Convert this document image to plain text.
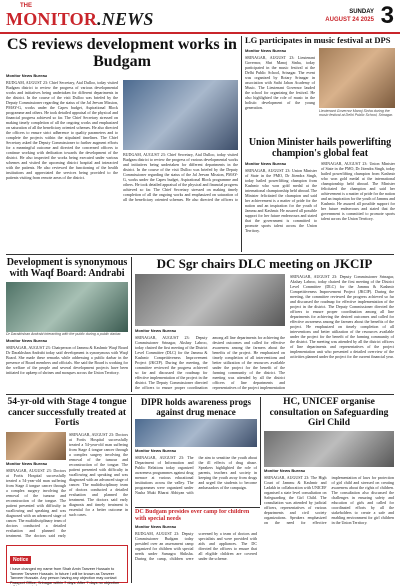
THE
MONITOR.NEWS	SUNDAY
AUGUST 24 2025 3
CS reviews development works in Budgam
Monitor News Bureau
BUDGAM, AUGUST 23: Chief Secretary, Atal Dulloo, today visited Budgam district to review the progress of various developmental works and initiatives being undertaken for different departments in the district. In the course of the visit Dulloo was briefed by the Deputy Commissioner regarding the status of the Jal Jeevan Mission, PMAY-G, works under the Capex budget, Aspirational Block programme and others. He took detailed appraisal of the physical and financial progress achieved so far. The Chief Secretary stressed on making timely completion of all the ongoing works and emphasized on saturation of all the beneficiary oriented schemes. He also directed the officers to ensure strict adherence to quality parameters and to complete the projects within the stipulated timelines. The Chief Secretary asked the Deputy Commissioner to further augment efforts for a meaningful outcome and directed the concerned officers to continue working with dedication towards the development of the district. He also inspected the works being executed under various schemes and visited the upcoming district hospital and interacted with the patients. He also reviewed the functioning of the health institutions and appreciated the services being provided to the patients visiting from remote areas of the district.
BUDGAM, AUGUST 23: Chief Secretary, Atal Dulloo, today visited Budgam district to review the progress of various developmental works and initiatives being undertaken for different departments in the district. In the course of the visit Dulloo was briefed by the Deputy Commissioner regarding the status of the Jal Jeevan Mission, PMAY-G, works under the Capex budget, Aspirational Block programme and others. He took detailed appraisal of the physical and financial progress achieved so far. The Chief Secretary stressed on making timely completion of all the ongoing works and emphasized on saturation of all the beneficiary oriented schemes. He also directed the officers to
LG participates in music festival at DPS
Monitor News Bureau
SRINAGAR, AUGUST 23: Lieutenant Governor, Shri Manoj Sinha, today participated in the music festival at the Delhi Public School, Srinagar. The event was organized by Rotary Srinagar in association with Sathi Jahan Academy of Music. The Lieutenant Governor lauded the school for organizing the festival. He also highlighted the role of music in the holistic development of the young generation.
Lieutenant Governor Manoj Sinha during the music festival at Delhi Public School, Srinagar.
Union Minister hails powerlifting champion's global feat
Monitor News Bureau
SRINAGAR, AUGUST 23: Union Minister of State in the PMO, Dr Jitendra Singh, today hailed powerlifting champion from Kashmir who won gold medal at the international championship held abroad. The Minister felicitated the champion and said her achievement is a matter of pride for the nation and an inspiration for the youth of Jammu and Kashmir. He assured all possible support for her future endeavours and stated that the government is committed to promote sports talent across the Union Territory.
SRINAGAR, AUGUST 23: Union Minister of State in the PMO, Dr Jitendra Singh, today hailed powerlifting champion from Kashmir who won gold medal at the international championship held abroad. The Minister felicitated the champion and said her achievement is a matter of pride for the nation and an inspiration for the youth of Jammu and Kashmir. He assured all possible support for her future endeavours and stated that the government is committed to promote sports talent across the Union Territory.
Development is synonymous with Waqf Board: Andrabi
Dr Darakhshan Andrabi interacting with the public during a public darbar.
Monitor News Bureau
SRINAGAR, AUGUST 23: Chairperson of Jammu & Kashmir Waqf Board Dr Darakhshan Andrabi today said development is synonymous with Waqf Board. She made these remarks while addressing a public darbar in the presence of Board members and officials. She said the Board is working for the welfare of the people and several development projects have been initiated for upkeep of shrines and mosques across the Union Territory.
DC Sgr chairs DLC meeting on JKCIP
Monitor News Bureau
SRINAGAR, AUGUST 23: Deputy Commissioner Srinagar, Akshay Labroo, today chaired the first meeting of the District Level Committee (DLC) for the Jammu & Kashmir Competitiveness Improvement Project (JKCIP). During the meeting, the committee reviewed the progress achieved so far and discussed the roadmap for effective implementation of the project in the district. The Deputy Commissioner directed the officers to ensure proper coordination among all line departments for achieving the desired outcomes and called for effective awareness among the farmers about the benefits of the project. He emphasized on timely completion of all interventions and better utilization of the resources available under the project for the benefit of the farming community of the district. The meeting was attended by all the district officers of line departments and representatives of the project implementation
SRINAGAR, AUGUST 23: Deputy Commissioner Srinagar, Akshay Labroo, today chaired the first meeting of the District Level Committee (DLC) for the Jammu & Kashmir Competitiveness Improvement Project (JKCIP). During the meeting, the committee reviewed the progress achieved so far and discussed the roadmap for effective implementation of the project in the district. The Deputy Commissioner directed the officers to ensure proper coordination among all line departments for achieving the desired outcomes and called for effective awareness among the farmers about the benefits of the project. He emphasized on timely completion of all interventions and better utilization of the resources available under the project for the benefit of the farming community of the district. The meeting was attended by all the district officers of line departments and representatives of the project implementation unit who presented a detailed overview of the activities planned under the project for the current financial year.
54-yr-old with Stage 4 tongue cancer successfully treated at Fortis
Monitor News Bureau
SRINAGAR, AUGUST 23: Doctors at Fortis Hospital successfully treated a 54-year-old man suffering from Stage 4 tongue cancer through a complex surgery involving the removal of the tumour and reconstruction of the tongue. The patient presented with difficulty in swallowing and speaking and was diagnosed with an advanced stage of cancer. The multidisciplinary team of doctors conducted a detailed evaluation and planned the treatment. The doctors said early
SRINAGAR, AUGUST 23: Doctors at Fortis Hospital successfully treated a 54-year-old man suffering from Stage 4 tongue cancer through a complex surgery involving the removal of the tumour and reconstruction of the tongue. The patient presented with difficulty in swallowing and speaking and was diagnosed with an advanced stage of cancer. The multidisciplinary team of doctors conducted a detailed evaluation and planned the treatment. The doctors said early diagnosis and timely treatment is essential for a better outcome in such cases.
DIPR holds awareness progs against drug menace
Monitor News Bureau
SRINAGAR, AUGUST 23: The Department of Information and Public Relations today organized awareness programmes against drug menace at various educational institutions across the valley. The programmes were organized under Nasha Mukt Bharat Abhiyan with the aim to sensitize the youth about the ill effects of drug abuse. Speakers highlighted the role of parents, teachers and society in keeping the youth away from drugs and urged the students to become ambassadors of the campaign.
HC, UNICEF organise consultation on Safeguarding Girl Child
Monitor News Bureau
SRINAGAR, AUGUST 23: The High Court of Jammu & Kashmir and Ladakh in collaboration with UNICEF organised a state level consultation on Safeguarding the Girl Child. The consultation was attended by judicial officers, representatives of various departments and civil society organizations. Speakers emphasized on the need for effective implementation of laws for protection of girl child and stressed on creating awareness about the rights of children. The consultation also discussed the challenges in ensuring safety and education of girls and called for coordinated efforts by all the stakeholders to create a safe and enabling environment for girl children in the Union Territory.
DC Budgam presides over camp for children with special needs
Monitor News Bureau
BUDGAM, AUGUST 23: Deputy Commissioner Budgam today presided over an assessment camp organized for children with special needs under Samagra Shiksha. During the camp, children were screened by a team of doctors and specialists and were provided with aids and appliances. The DC directed the officers to ensure that all eligible children are covered under the scheme.
Notice
I have changed my name from Shah Amin Tanveer Hussain to Tanveer Tanveer Hussain. In future I will be known as Tanveer Tanveer Hussain. Any person having any objection may contact Passport Office, Srinagar within 7 days. After 7 days no objection
